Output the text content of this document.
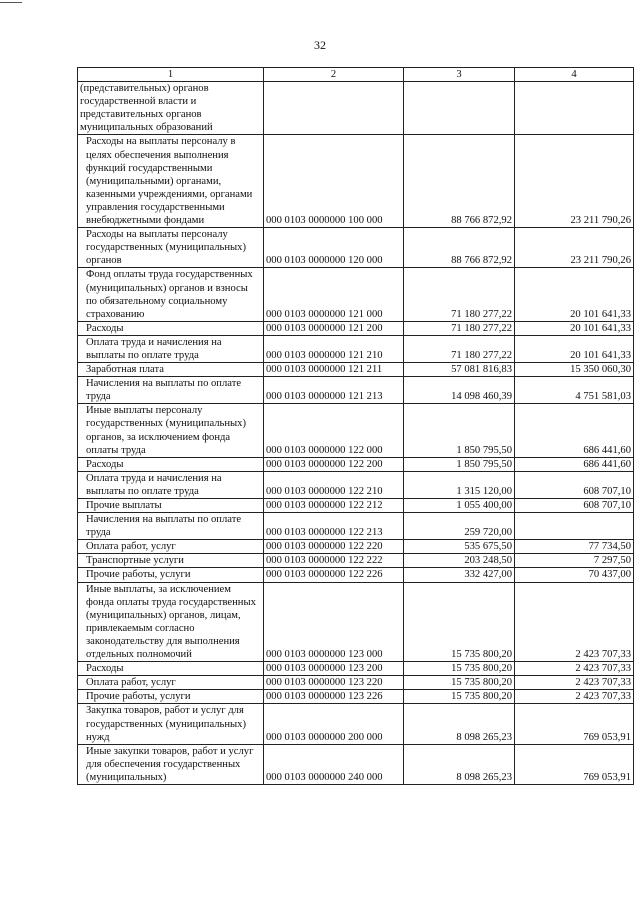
32
1	2	3	4
(представительных) органов государственной власти и представительных органов муниципальных образований			
Расходы на выплаты персоналу в целях обеспечения выполнения функций государственными (муниципальными) органами, казенными учреждениями, органами управления государственными внебюджетными фондами	000 0103 0000000 100 000	88 766 872,92	23 211 790,26
Расходы на выплаты персоналу государственных (муниципальных) органов	000 0103 0000000 120 000	88 766 872,92	23 211 790,26
Фонд оплаты труда государственных (муниципальных) органов и взносы по обязательному социальному страхованию	000 0103 0000000 121 000	71 180 277,22	20 101 641,33
Расходы	000 0103 0000000 121 200	71 180 277,22	20 101 641,33
Оплата труда и начисления на выплаты по оплате труда	000 0103 0000000 121 210	71 180 277,22	20 101 641,33
Заработная плата	000 0103 0000000 121 211	57 081 816,83	15 350 060,30
Начисления на выплаты по оплате труда	000 0103 0000000 121 213	14 098 460,39	4 751 581,03
Иные выплаты персоналу государственных (муниципальных) органов, за исключением фонда оплаты труда	000 0103 0000000 122 000	1 850 795,50	686 441,60
Расходы	000 0103 0000000 122 200	1 850 795,50	686 441,60
Оплата труда и начисления на выплаты по оплате труда	000 0103 0000000 122 210	1 315 120,00	608 707,10
Прочие выплаты	000 0103 0000000 122 212	1 055 400,00	608 707,10
Начисления на выплаты по оплате труда	000 0103 0000000 122 213	259 720,00	
Оплата работ, услуг	000 0103 0000000 122 220	535 675,50	77 734,50
Транспортные услуги	000 0103 0000000 122 222	203 248,50	7 297,50
Прочие работы, услуги	000 0103 0000000 122 226	332 427,00	70 437,00
Иные выплаты, за исключением фонда оплаты труда государственных (муниципальных) органов, лицам, привлекаемым согласно законодательству для выполнения отдельных полномочий	000 0103 0000000 123 000	15 735 800,20	2 423 707,33
Расходы	000 0103 0000000 123 200	15 735 800,20	2 423 707,33
Оплата работ, услуг	000 0103 0000000 123 220	15 735 800,20	2 423 707,33
Прочие работы, услуги	000 0103 0000000 123 226	15 735 800,20	2 423 707,33
Закупка товаров, работ и услуг для государственных (муниципальных) нужд	000 0103 0000000 200 000	8 098 265,23	769 053,91
Иные закупки товаров, работ и услуг для обеспечения государственных (муниципальных)	000 0103 0000000 240 000	8 098 265,23	769 053,91
